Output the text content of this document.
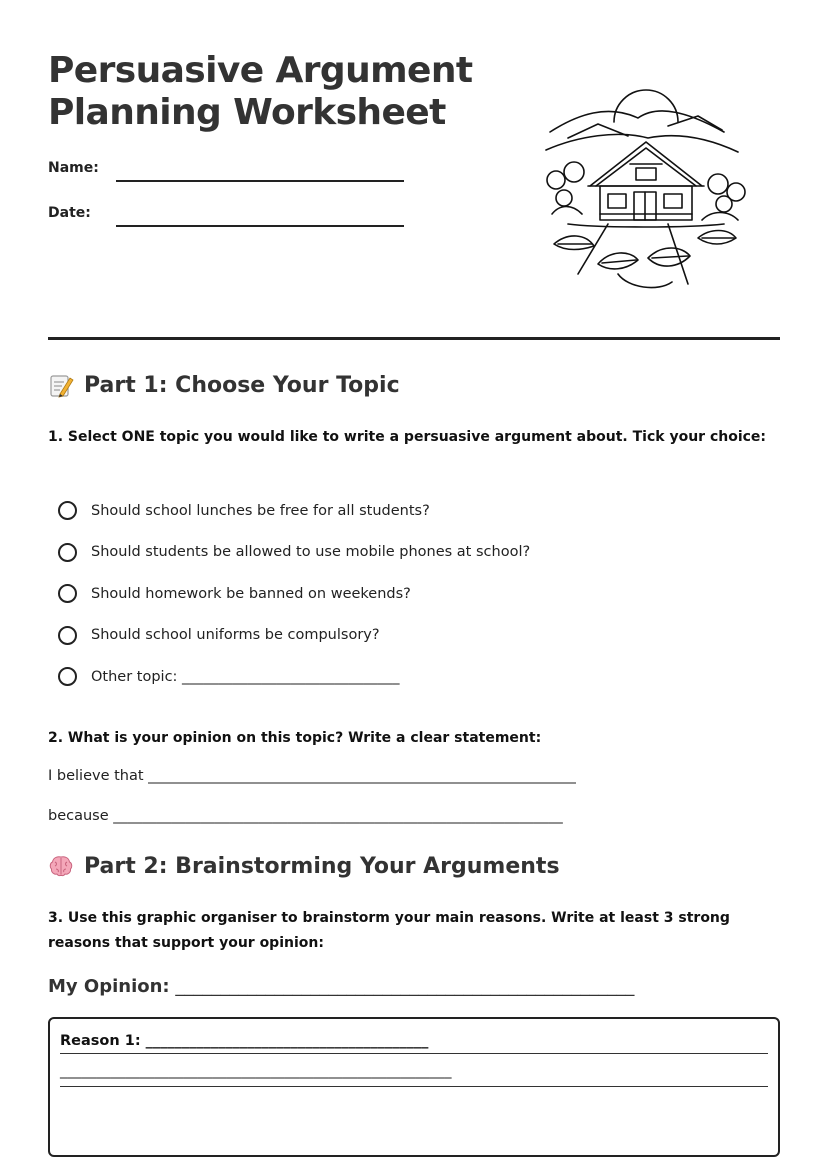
Persuasive Argument
Planning Worksheet
Name:
Date:
Part 1: Choose Your Topic

1. Select ONE topic you would like to write a persuasive argument about. Tick your choice:

Should school lunches be free for all students?
Should students be allowed to use mobile phones at school?
Should homework be banned on weekends?
Should school uniforms be compulsory?
Other topic: ______________________________

2. What is your opinion on this topic? Write a clear statement:

I believe that ___________________________________________________________
because ______________________________________________________________
Part 2: Brainstorming Your Arguments

3. Use this graphic organiser to brainstorm your main reasons. Write at least 3 strong reasons that support your opinion:

My Opinion: ___________________________________________________
Reason 1: _______________________________________
______________________________________________________
